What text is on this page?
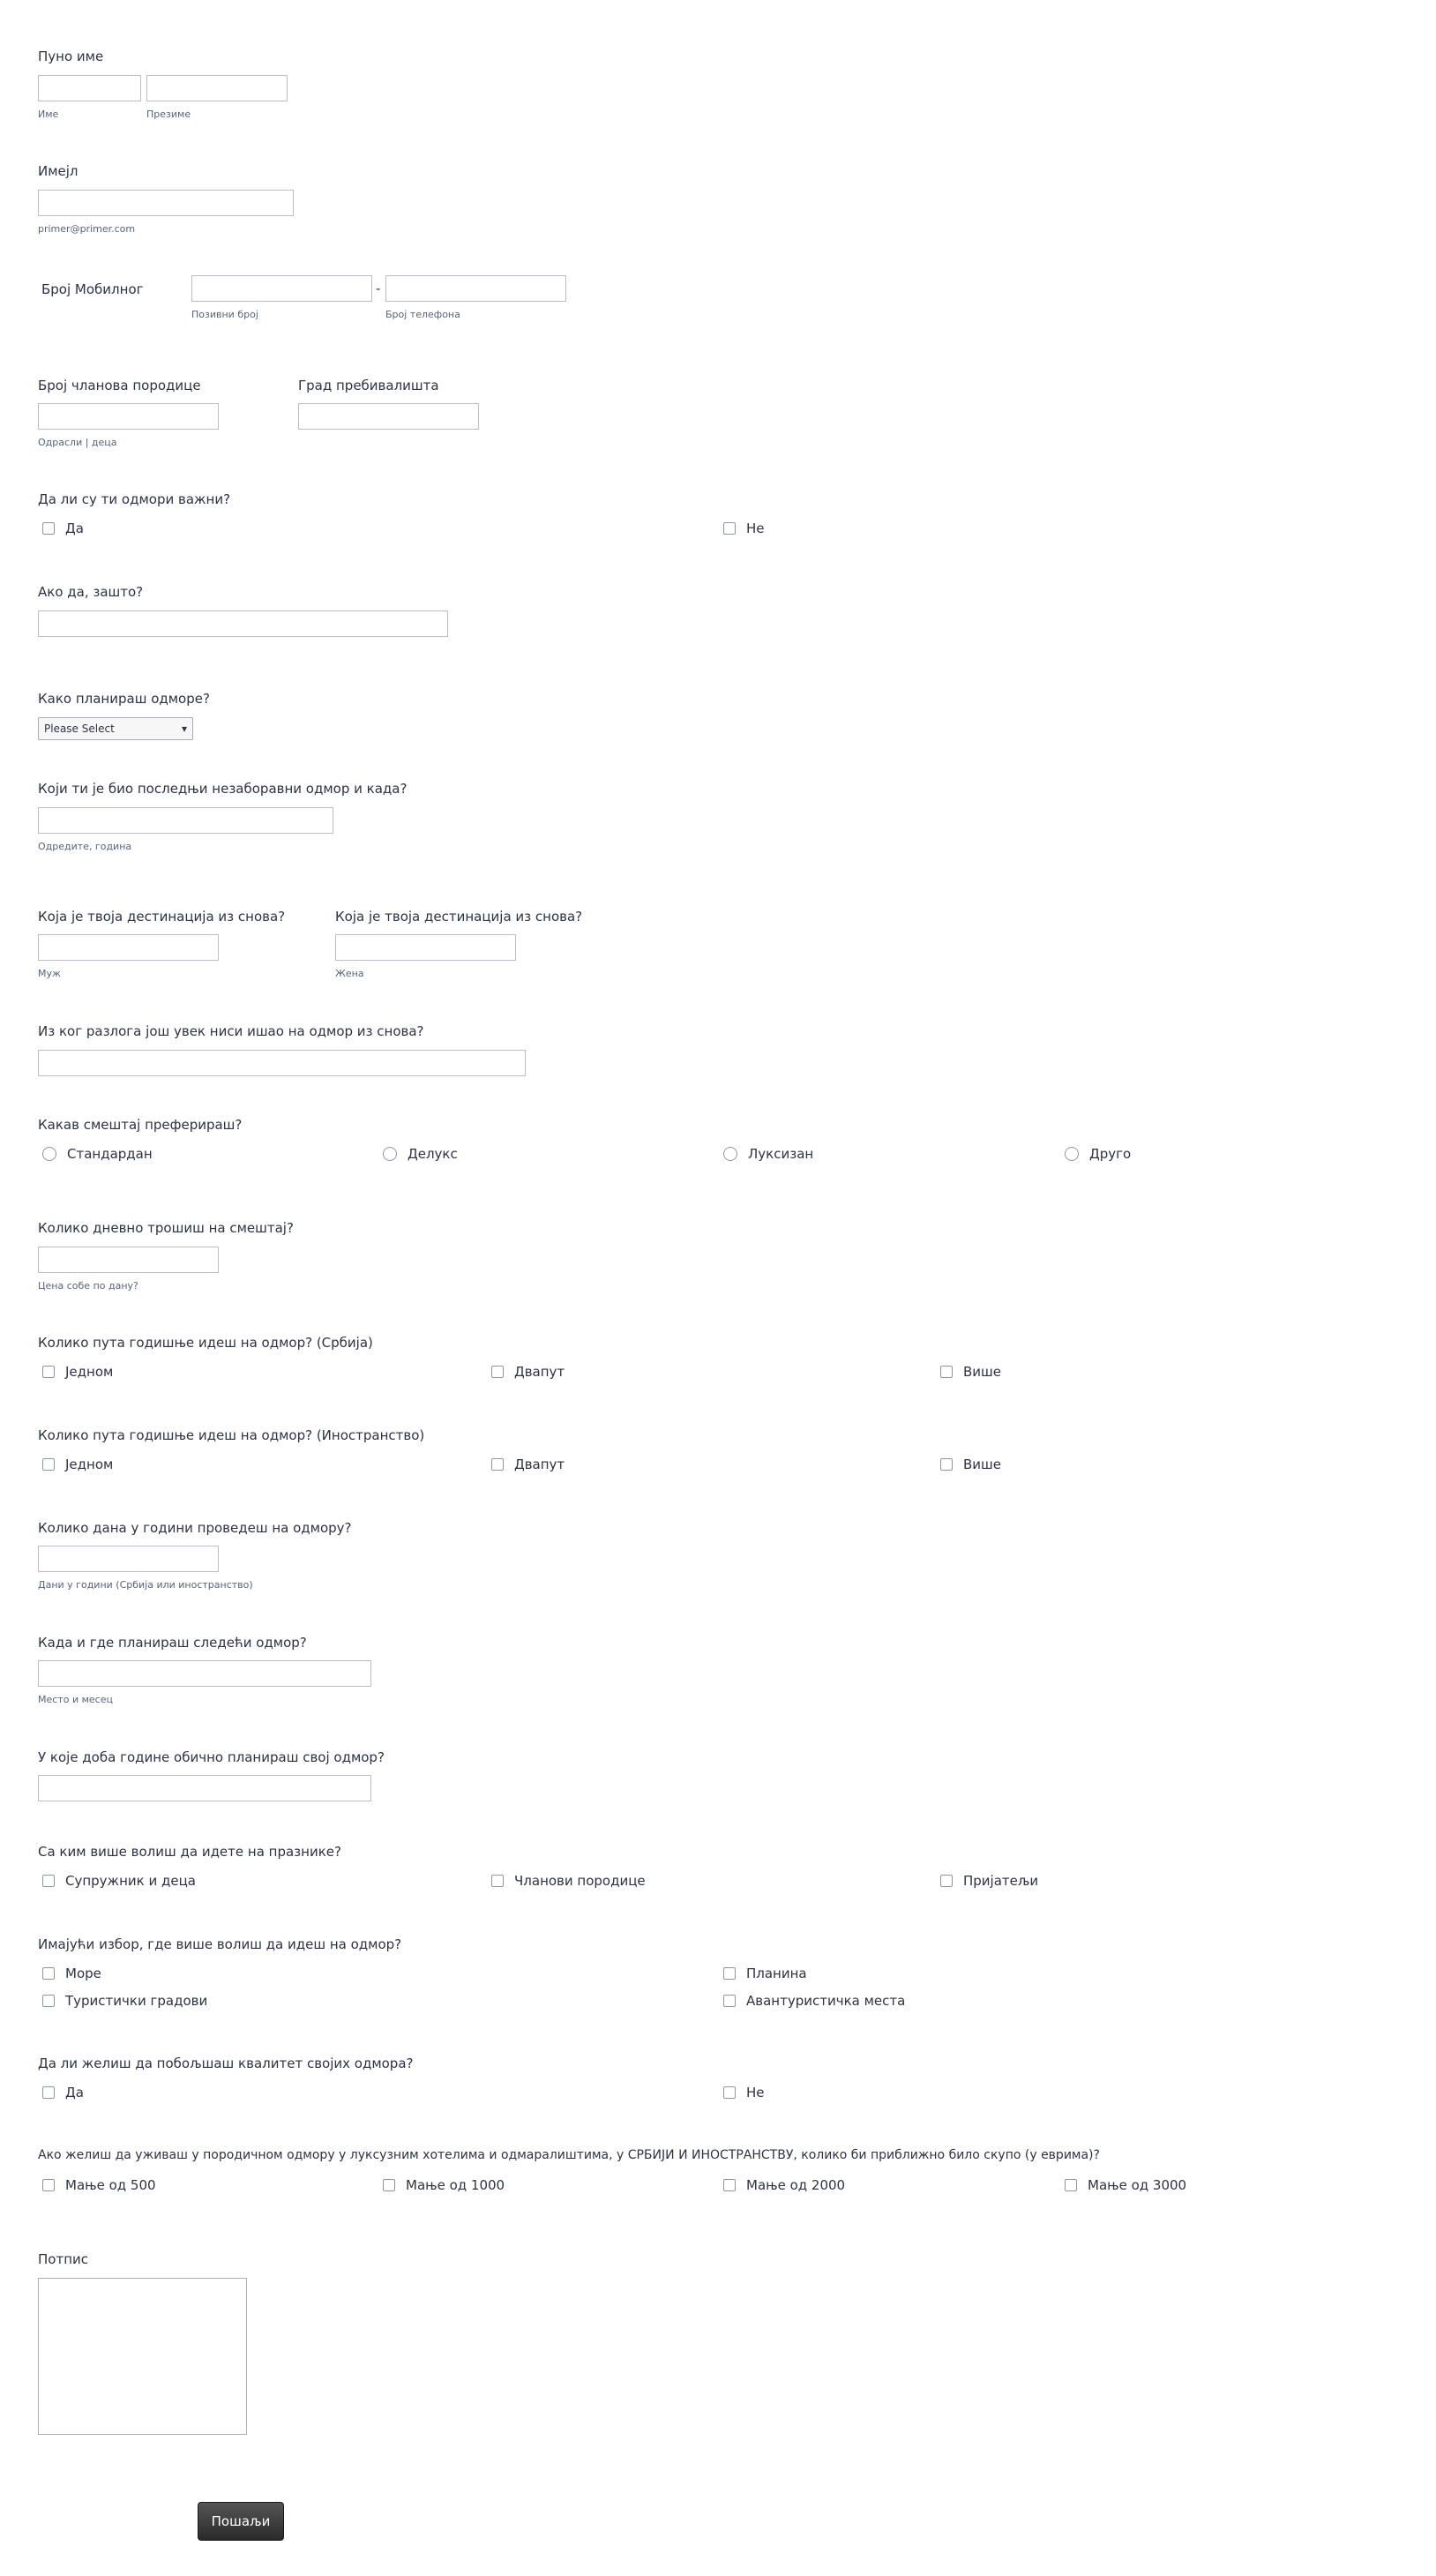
Пуно име
Име	Презиме
Имејл
primer@primer.com
Број Мобилног	-
Позивни број	Број телефона
Број чланова породице
Одрасли | деца
Град пребивалишта
Да ли су ти одмори важни?
Да	Не
Ако да, зашто?
Како планираш одморе?
Please Select	▾
Који ти је био последњи незаборавни одмор и када?
Одредите, година
Која је твоја дестинација из снова?
Муж
Која је твоја дестинација из снова?
Жена
Из ког разлога још увек ниси ишао на одмор из снова?
Какав смештај преферираш?
Стандардан	Делукс	Луксизан	Друго
Колико дневно трошиш на смештај?
Цена собе по дану?
Колико пута годишње идеш на одмор? (Србија)
Једном	Двапут	Више
Колико пута годишње идеш на одмор? (Иностранство)
Једном	Двапут	Више
Колико дана у години проведеш на одмору?
Дани у години (Србија или иностранство)
Када и где планираш следећи одмор?
Место и месец
У које доба године обично планираш свој одмор?
Са ким више волиш да идете на празнике?
Супружник и деца	Чланови породице	Пријатељи
Имајући избор, где више волиш да идеш на одмор?
Море	Планина
Туристички градови	Авантуристичка места
Да ли желиш да побољшаш квалитет својих одмора?
Да	Не
Ако желиш да уживаш у породичном одмору у луксузним хотелима и одмаралиштима, у СРБИЈИ И ИНОСТРАНСТВУ, колико би приближно било скупо (у еврима)?
Мање од 500	Мање од 1000	Мање од 2000	Мање од 3000
Потпис
Пошаљи
